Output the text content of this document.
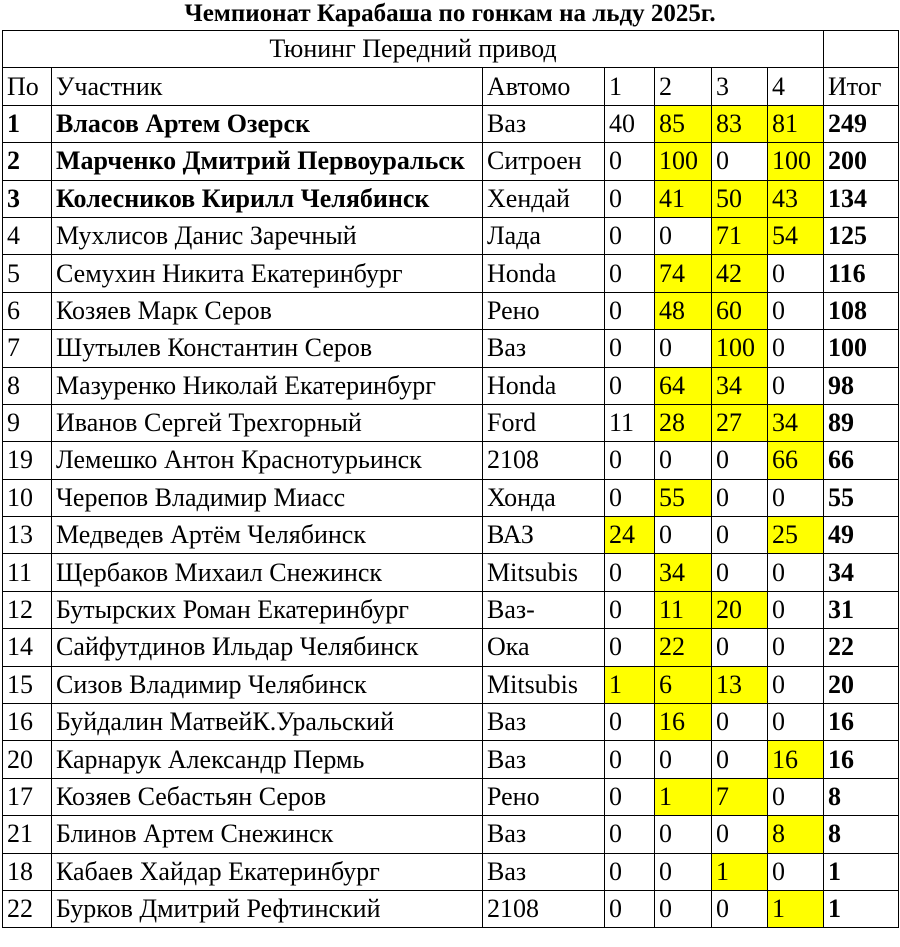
Чемпионат Карабаша по гонкам на льду 2025г.
Тюнинг Передний привод							
По	Участник	Автомо	1	2	3	4	Итог
1	Власов Артем Озерск	Ваз	40	85	83	81	249
2	Марченко Дмитрий Первоуральск	Ситроен	0	100	0	100	200
3	Колесников Кирилл Челябинск	Хендай	0	41	50	43	134
4	Мухлисов Данис Заречный	Лада	0	0	71	54	125
5	Семухин Никита Екатеринбург	Honda	0	74	42	0	116
6	Козяев Марк Серов	Рено	0	48	60	0	108
7	Шутылев Константин Серов	Ваз	0	0	100	0	100
8	Мазуренко Николай Екатеринбург	Honda	0	64	34	0	98
9	Иванов Сергей Трехгорный	Ford	11	28	27	34	89
19	Лемешко Антон Краснотурьинск	2108	0	0	0	66	66
10	Черепов Владимир Миасс	Хонда	0	55	0	0	55
13	Медведев Артём Челябинск	ВАЗ	24	0	0	25	49
11	Щербаков Михаил Снежинск	Mitsubis	0	34	0	0	34
12	Бутырских Роман Екатеринбург	Ваз-	0	11	20	0	31
14	Сайфутдинов Ильдар Челябинск	Ока	0	22	0	0	22
15	Сизов Владимир Челябинск	Mitsubis	1	6	13	0	20
16	Буйдалин МатвейК.Уральский	Ваз	0	16	0	0	16
20	Карнарук Александр Пермь	Ваз	0	0	0	16	16
17	Козяев Себастьян Серов	Рено	0	1	7	0	8
21	Блинов Артем Снежинск	Ваз	0	0	0	8	8
18	Кабаев Хайдар Екатеринбург	Ваз	0	0	1	0	1
22	Бурков Дмитрий Рефтинский	2108	0	0	0	1	1
